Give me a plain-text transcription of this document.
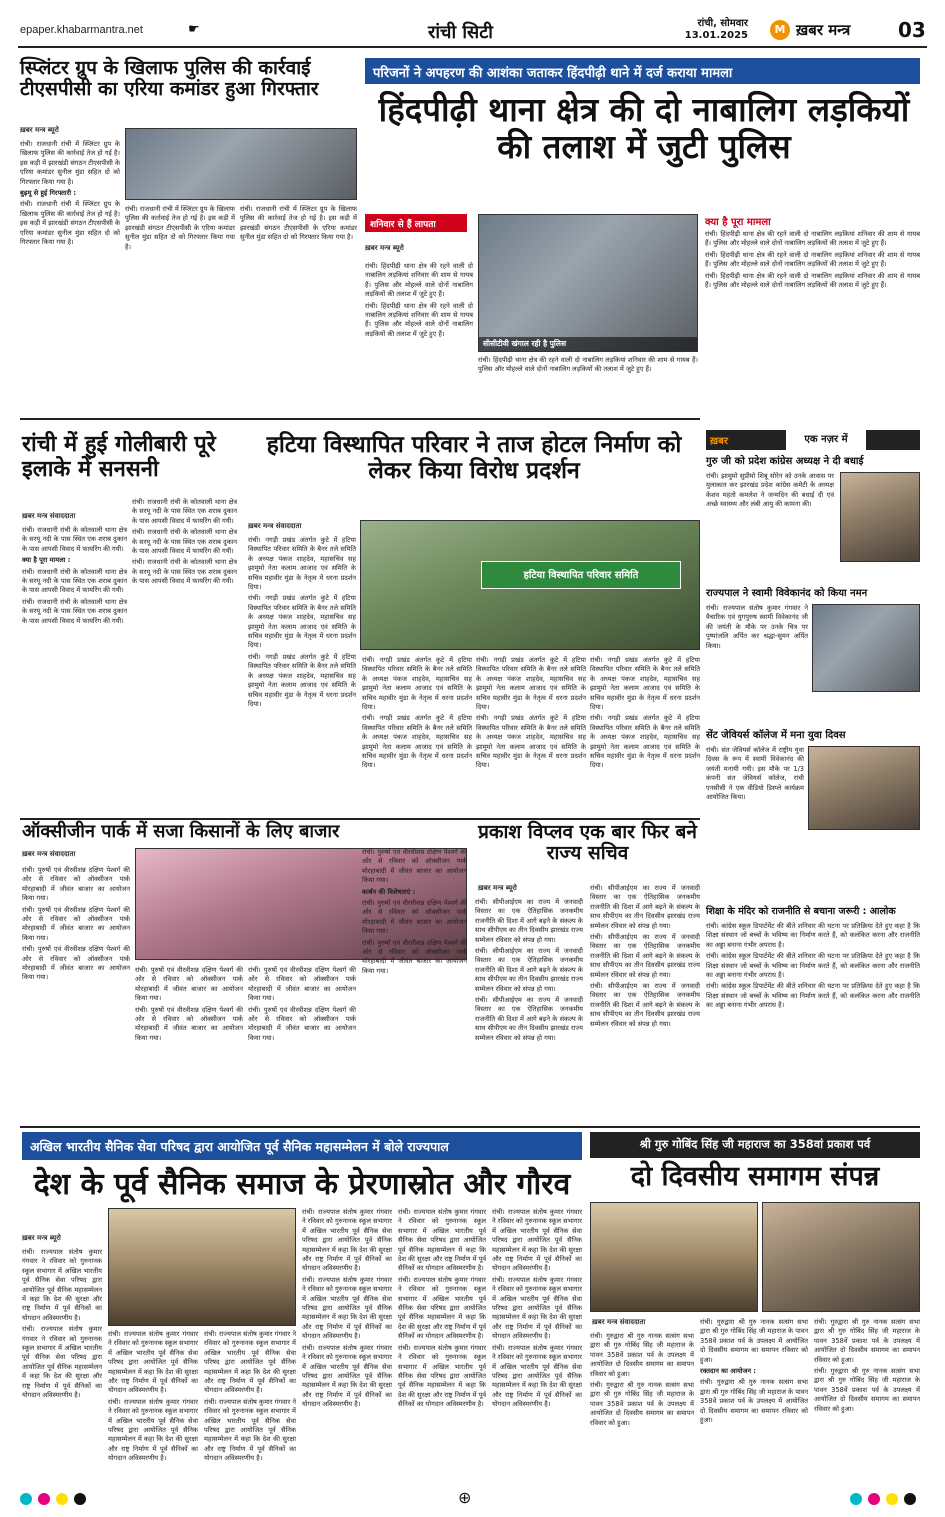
epaper.khabarmantra.net	☛	रांची सिटी	रांची, सोमवार
13.01.2025	M ख़बर मन्त्र 03
स्प्लिंटर ग्रुप के खिलाफ पुलिस की कार्रवाई टीएसपीसी का एरिया कमांडर हुआ गिरफ्तार
ख़बर मन्त्र ब्यूरो

रांची। राजधानी रांची में स्प्लिंटर ग्रुप के खिलाफ पुलिस की कार्रवाई तेज हो गई है। इस कड़ी में झारखंडी संगठन टीएसपीसी के एरिया कमांडर सुनील मुंडा सहित दो को गिरफ्तार किया गया है।

बुढ़मू से हुई गिरफ्तारी :

रांची। राजधानी रांची में स्प्लिंटर ग्रुप के खिलाफ पुलिस की कार्रवाई तेज हो गई है। इस कड़ी में झारखंडी संगठन टीएसपीसी के एरिया कमांडर सुनील मुंडा सहित दो को गिरफ्तार किया गया है।

रांची। राजधानी रांची में स्प्लिंटर ग्रुप के खिलाफ पुलिस की कार्रवाई तेज हो गई है। इस कड़ी में झारखंडी संगठन टीएसपीसी के एरिया कमांडर सुनील मुंडा सहित दो को गिरफ्तार किया गया है।

रांची। राजधानी रांची में स्प्लिंटर ग्रुप के खिलाफ पुलिस की कार्रवाई तेज हो गई है। इस कड़ी में झारखंडी संगठन टीएसपीसी के एरिया कमांडर सुनील मुंडा सहित दो को गिरफ्तार किया गया है।

परिजनों ने अपहरण की आशंका जताकर हिंदपीढ़ी थाने में दर्ज कराया मामला
हिंदपीढ़ी थाना क्षेत्र की दो नाबालिग लड़कियों की तलाश में जुटी पुलिस
शनिवार से हैं लापता
सीसीटीवी खंगाल रही है पुलिस
ख़बर मन्त्र ब्यूरो

रांची। हिंदपीढ़ी थाना क्षेत्र की रहने वाली दो नाबालिग लड़कियां शनिवार की शाम से गायब हैं। पुलिस और मोहल्ले वाले दोनों नाबालिग लड़कियों की तलाश में जुटे हुए हैं।

रांची। हिंदपीढ़ी थाना क्षेत्र की रहने वाली दो नाबालिग लड़कियां शनिवार की शाम से गायब हैं। पुलिस और मोहल्ले वाले दोनों नाबालिग लड़कियों की तलाश में जुटे हुए हैं।

रांची। हिंदपीढ़ी थाना क्षेत्र की रहने वाली दो नाबालिग लड़कियां शनिवार की शाम से गायब हैं। पुलिस और मोहल्ले वाले दोनों नाबालिग लड़कियों की तलाश में जुटे हुए हैं।

क्या है पूरा मामला

रांची। हिंदपीढ़ी थाना क्षेत्र की रहने वाली दो नाबालिग लड़कियां शनिवार की शाम से गायब हैं। पुलिस और मोहल्ले वाले दोनों नाबालिग लड़कियों की तलाश में जुटे हुए हैं।

रांची। हिंदपीढ़ी थाना क्षेत्र की रहने वाली दो नाबालिग लड़कियां शनिवार की शाम से गायब हैं। पुलिस और मोहल्ले वाले दोनों नाबालिग लड़कियों की तलाश में जुटे हुए हैं।

रांची। हिंदपीढ़ी थाना क्षेत्र की रहने वाली दो नाबालिग लड़कियां शनिवार की शाम से गायब हैं। पुलिस और मोहल्ले वाले दोनों नाबालिग लड़कियों की तलाश में जुटे हुए हैं।

रांची में हुई गोलीबारी पूरे इलाके में सनसनी
ख़बर मन्त्र संवाददाता

रांची। राजधानी रांची के कोतवाली थाना क्षेत्र के सरयू नदी के पास स्थित एक शराब दुकान के पास आपसी विवाद में फायरिंग की गयी।

क्या है पूरा मामला :

रांची। राजधानी रांची के कोतवाली थाना क्षेत्र के सरयू नदी के पास स्थित एक शराब दुकान के पास आपसी विवाद में फायरिंग की गयी।

रांची। राजधानी रांची के कोतवाली थाना क्षेत्र के सरयू नदी के पास स्थित एक शराब दुकान के पास आपसी विवाद में फायरिंग की गयी।

रांची। राजधानी रांची के कोतवाली थाना क्षेत्र के सरयू नदी के पास स्थित एक शराब दुकान के पास आपसी विवाद में फायरिंग की गयी।

रांची। राजधानी रांची के कोतवाली थाना क्षेत्र के सरयू नदी के पास स्थित एक शराब दुकान के पास आपसी विवाद में फायरिंग की गयी।

रांची। राजधानी रांची के कोतवाली थाना क्षेत्र के सरयू नदी के पास स्थित एक शराब दुकान के पास आपसी विवाद में फायरिंग की गयी।

हटिया विस्थापित परिवार ने ताज होटल निर्माण को लेकर किया विरोध प्रदर्शन
ख़बर मन्त्र संवाददाता
हटिया विस्थापित परिवार समिति

रांची। नगड़ी प्रखंड अंतर्गत कुटे में हटिया विस्थापित परिवार समिति के बैनर तले समिति के अध्यक्ष पंकज शाहदेव, महासचिव सह झामुमो नेता कलाम आजाद एवं समिति के सचिव महावीर मुंडा के नेतृत्व में धरना प्रदर्शन दिया।

रांची। नगड़ी प्रखंड अंतर्गत कुटे में हटिया विस्थापित परिवार समिति के बैनर तले समिति के अध्यक्ष पंकज शाहदेव, महासचिव सह झामुमो नेता कलाम आजाद एवं समिति के सचिव महावीर मुंडा के नेतृत्व में धरना प्रदर्शन दिया।

रांची। नगड़ी प्रखंड अंतर्गत कुटे में हटिया विस्थापित परिवार समिति के बैनर तले समिति के अध्यक्ष पंकज शाहदेव, महासचिव सह झामुमो नेता कलाम आजाद एवं समिति के सचिव महावीर मुंडा के नेतृत्व में धरना प्रदर्शन दिया।

रांची। नगड़ी प्रखंड अंतर्गत कुटे में हटिया विस्थापित परिवार समिति के बैनर तले समिति के अध्यक्ष पंकज शाहदेव, महासचिव सह झामुमो नेता कलाम आजाद एवं समिति के सचिव महावीर मुंडा के नेतृत्व में धरना प्रदर्शन दिया।

रांची। नगड़ी प्रखंड अंतर्गत कुटे में हटिया विस्थापित परिवार समिति के बैनर तले समिति के अध्यक्ष पंकज शाहदेव, महासचिव सह झामुमो नेता कलाम आजाद एवं समिति के सचिव महावीर मुंडा के नेतृत्व में धरना प्रदर्शन दिया।

रांची। नगड़ी प्रखंड अंतर्गत कुटे में हटिया विस्थापित परिवार समिति के बैनर तले समिति के अध्यक्ष पंकज शाहदेव, महासचिव सह झामुमो नेता कलाम आजाद एवं समिति के सचिव महावीर मुंडा के नेतृत्व में धरना प्रदर्शन दिया।

रांची। नगड़ी प्रखंड अंतर्गत कुटे में हटिया विस्थापित परिवार समिति के बैनर तले समिति के अध्यक्ष पंकज शाहदेव, महासचिव सह झामुमो नेता कलाम आजाद एवं समिति के सचिव महावीर मुंडा के नेतृत्व में धरना प्रदर्शन दिया।

रांची। नगड़ी प्रखंड अंतर्गत कुटे में हटिया विस्थापित परिवार समिति के बैनर तले समिति के अध्यक्ष पंकज शाहदेव, महासचिव सह झामुमो नेता कलाम आजाद एवं समिति के सचिव महावीर मुंडा के नेतृत्व में धरना प्रदर्शन दिया।

रांची। नगड़ी प्रखंड अंतर्गत कुटे में हटिया विस्थापित परिवार समिति के बैनर तले समिति के अध्यक्ष पंकज शाहदेव, महासचिव सह झामुमो नेता कलाम आजाद एवं समिति के सचिव महावीर मुंडा के नेतृत्व में धरना प्रदर्शन दिया।

ख़बर	एक नज़र में
गुरु जी को प्रदेश कांग्रेस अध्यक्ष ने दी बधाई
रांची। झामुमो सुप्रीमो शिबू सोरेन को उनके आवास पर मुलाकात कर झारखंड प्रदेश कांग्रेस कमेटी के अध्यक्ष केशव महतो कमलेश ने जन्मदिन की बधाई दी एवं अच्छे स्वास्थ्य और लंबी आयु की कामना की।
राज्यपाल ने स्वामी विवेकानंद को किया नमन
रांची। राज्यपाल संतोष कुमार गंगवार ने वैचारिक एवं युगपुरुष स्वामी विवेकानंद जी की जयंती के मौके पर उनके चित्र पर पुष्पांजलि अर्पित कर श्रद्धा-सुमन अर्पित किया।
सेंट जेवियर्स कॉलेज में मना युवा दिवस
रांची। संत जेवियर्स कॉलेज में राष्ट्रीय युवा दिवस के रूप में स्वामी विवेकानंद की जयंती मनायी गयी। इस मौके पर 1/3 कंपनी संत जेवियर्स कॉलेज, रांची एनसीसी ने एक वीडियो डिस्प्ले कार्यक्रम आयोजित किया।
शिक्षा के मंदिर को राजनीति से बचाना जरूरी : आलोक

रांची। कांग्रेस स्कूल डिपार्टमेंट की बीते शनिवार की घटना पर प्रतिक्रिया देते हुए कहा है कि शिक्षा संस्थान जो बच्चों के भविष्य का निर्माण करते हैं, को कलंकित करना और राजनीति का अड्डा बनाना गंभीर अपराध है।

रांची। कांग्रेस स्कूल डिपार्टमेंट की बीते शनिवार की घटना पर प्रतिक्रिया देते हुए कहा है कि शिक्षा संस्थान जो बच्चों के भविष्य का निर्माण करते हैं, को कलंकित करना और राजनीति का अड्डा बनाना गंभीर अपराध है।

रांची। कांग्रेस स्कूल डिपार्टमेंट की बीते शनिवार की घटना पर प्रतिक्रिया देते हुए कहा है कि शिक्षा संस्थान जो बच्चों के भविष्य का निर्माण करते हैं, को कलंकित करना और राजनीति का अड्डा बनाना गंभीर अपराध है।

ऑक्सीजीन पार्क में सजा किसानों के लिए बाजार
ख़बर मन्त्र संवाददाता

रांची। पुरुषों एवं वीरवीशन्न दक्षिण पेश्वर्ग की ओर से रविवार को ऑक्सीजन पार्क मोरहाबादी में जीवंत बाजार का आयोजन किया गया।

रांची। पुरुषों एवं वीरवीशन्न दक्षिण पेश्वर्ग की ओर से रविवार को ऑक्सीजन पार्क मोरहाबादी में जीवंत बाजार का आयोजन किया गया।

रांची। पुरुषों एवं वीरवीशन्न दक्षिण पेश्वर्ग की ओर से रविवार को ऑक्सीजन पार्क मोरहाबादी में जीवंत बाजार का आयोजन किया गया।

रांची। पुरुषों एवं वीरवीशन्न दक्षिण पेश्वर्ग की ओर से रविवार को ऑक्सीजन पार्क मोरहाबादी में जीवंत बाजार का आयोजन किया गया।

रांची। पुरुषों एवं वीरवीशन्न दक्षिण पेश्वर्ग की ओर से रविवार को ऑक्सीजन पार्क मोरहाबादी में जीवंत बाजार का आयोजन किया गया।

रांची। पुरुषों एवं वीरवीशन्न दक्षिण पेश्वर्ग की ओर से रविवार को ऑक्सीजन पार्क मोरहाबादी में जीवंत बाजार का आयोजन किया गया।

रांची। पुरुषों एवं वीरवीशन्न दक्षिण पेश्वर्ग की ओर से रविवार को ऑक्सीजन पार्क मोरहाबादी में जीवंत बाजार का आयोजन किया गया।

रांची। पुरुषों एवं वीरवीशन्न दक्षिण पेश्वर्ग की ओर से रविवार को ऑक्सीजन पार्क मोरहाबादी में जीवंत बाजार का आयोजन किया गया।

कार्बन की विशेषताएं :

रांची। पुरुषों एवं वीरवीशन्न दक्षिण पेश्वर्ग की ओर से रविवार को ऑक्सीजन पार्क मोरहाबादी में जीवंत बाजार का आयोजन किया गया।

रांची। पुरुषों एवं वीरवीशन्न दक्षिण पेश्वर्ग की ओर से रविवार को ऑक्सीजन पार्क मोरहाबादी में जीवंत बाजार का आयोजन किया गया।

प्रकाश विप्लव एक बार फिर बने राज्य सचिव
ख़बर मन्त्र ब्यूरो

रांची। सीपीआईएम का राज्य में जनवादी विस्तार का एक ऐतिहासिक जनकमीय राजनीति की दिशा में आगे बढ़ने के संकल्प के साथ सीपीएम का तीन दिवसीय झारखंड राज्य सम्मेलन रविवार को संपन्न हो गया।

रांची। सीपीआईएम का राज्य में जनवादी विस्तार का एक ऐतिहासिक जनकमीय राजनीति की दिशा में आगे बढ़ने के संकल्प के साथ सीपीएम का तीन दिवसीय झारखंड राज्य सम्मेलन रविवार को संपन्न हो गया।

रांची। सीपीआईएम का राज्य में जनवादी विस्तार का एक ऐतिहासिक जनकमीय राजनीति की दिशा में आगे बढ़ने के संकल्प के साथ सीपीएम का तीन दिवसीय झारखंड राज्य सम्मेलन रविवार को संपन्न हो गया।

रांची। सीपीआईएम का राज्य में जनवादी विस्तार का एक ऐतिहासिक जनकमीय राजनीति की दिशा में आगे बढ़ने के संकल्प के साथ सीपीएम का तीन दिवसीय झारखंड राज्य सम्मेलन रविवार को संपन्न हो गया।

रांची। सीपीआईएम का राज्य में जनवादी विस्तार का एक ऐतिहासिक जनकमीय राजनीति की दिशा में आगे बढ़ने के संकल्प के साथ सीपीएम का तीन दिवसीय झारखंड राज्य सम्मेलन रविवार को संपन्न हो गया।

रांची। सीपीआईएम का राज्य में जनवादी विस्तार का एक ऐतिहासिक जनकमीय राजनीति की दिशा में आगे बढ़ने के संकल्प के साथ सीपीएम का तीन दिवसीय झारखंड राज्य सम्मेलन रविवार को संपन्न हो गया।

अखिल भारतीय सैनिक सेवा परिषद द्वारा आयोजित पूर्व सैनिक महासम्मेलन में बोले राज्यपाल
देश के पूर्व सैनिक समाज के प्रेरणास्रोत और गौरव
ख़बर मन्त्र ब्यूरो

रांची। राज्यपाल संतोष कुमार गंगवार ने रविवार को गुरुनानक स्कूल सभागार में अखिल भारतीय पूर्व सैनिक सेवा परिषद द्वारा आयोजित पूर्व सैनिक महासम्मेलन में कहा कि देश की सुरक्षा और राष्ट्र निर्माण में पूर्व सैनिकों का योगदान अविस्मरणीय है।

रांची। राज्यपाल संतोष कुमार गंगवार ने रविवार को गुरुनानक स्कूल सभागार में अखिल भारतीय पूर्व सैनिक सेवा परिषद द्वारा आयोजित पूर्व सैनिक महासम्मेलन में कहा कि देश की सुरक्षा और राष्ट्र निर्माण में पूर्व सैनिकों का योगदान अविस्मरणीय है।

रांची। राज्यपाल संतोष कुमार गंगवार ने रविवार को गुरुनानक स्कूल सभागार में अखिल भारतीय पूर्व सैनिक सेवा परिषद द्वारा आयोजित पूर्व सैनिक महासम्मेलन में कहा कि देश की सुरक्षा और राष्ट्र निर्माण में पूर्व सैनिकों का योगदान अविस्मरणीय है।

रांची। राज्यपाल संतोष कुमार गंगवार ने रविवार को गुरुनानक स्कूल सभागार में अखिल भारतीय पूर्व सैनिक सेवा परिषद द्वारा आयोजित पूर्व सैनिक महासम्मेलन में कहा कि देश की सुरक्षा और राष्ट्र निर्माण में पूर्व सैनिकों का योगदान अविस्मरणीय है।

रांची। राज्यपाल संतोष कुमार गंगवार ने रविवार को गुरुनानक स्कूल सभागार में अखिल भारतीय पूर्व सैनिक सेवा परिषद द्वारा आयोजित पूर्व सैनिक महासम्मेलन में कहा कि देश की सुरक्षा और राष्ट्र निर्माण में पूर्व सैनिकों का योगदान अविस्मरणीय है।

रांची। राज्यपाल संतोष कुमार गंगवार ने रविवार को गुरुनानक स्कूल सभागार में अखिल भारतीय पूर्व सैनिक सेवा परिषद द्वारा आयोजित पूर्व सैनिक महासम्मेलन में कहा कि देश की सुरक्षा और राष्ट्र निर्माण में पूर्व सैनिकों का योगदान अविस्मरणीय है।

रांची। राज्यपाल संतोष कुमार गंगवार ने रविवार को गुरुनानक स्कूल सभागार में अखिल भारतीय पूर्व सैनिक सेवा परिषद द्वारा आयोजित पूर्व सैनिक महासम्मेलन में कहा कि देश की सुरक्षा और राष्ट्र निर्माण में पूर्व सैनिकों का योगदान अविस्मरणीय है।

रांची। राज्यपाल संतोष कुमार गंगवार ने रविवार को गुरुनानक स्कूल सभागार में अखिल भारतीय पूर्व सैनिक सेवा परिषद द्वारा आयोजित पूर्व सैनिक महासम्मेलन में कहा कि देश की सुरक्षा और राष्ट्र निर्माण में पूर्व सैनिकों का योगदान अविस्मरणीय है।

रांची। राज्यपाल संतोष कुमार गंगवार ने रविवार को गुरुनानक स्कूल सभागार में अखिल भारतीय पूर्व सैनिक सेवा परिषद द्वारा आयोजित पूर्व सैनिक महासम्मेलन में कहा कि देश की सुरक्षा और राष्ट्र निर्माण में पूर्व सैनिकों का योगदान अविस्मरणीय है।

रांची। राज्यपाल संतोष कुमार गंगवार ने रविवार को गुरुनानक स्कूल सभागार में अखिल भारतीय पूर्व सैनिक सेवा परिषद द्वारा आयोजित पूर्व सैनिक महासम्मेलन में कहा कि देश की सुरक्षा और राष्ट्र निर्माण में पूर्व सैनिकों का योगदान अविस्मरणीय है।

रांची। राज्यपाल संतोष कुमार गंगवार ने रविवार को गुरुनानक स्कूल सभागार में अखिल भारतीय पूर्व सैनिक सेवा परिषद द्वारा आयोजित पूर्व सैनिक महासम्मेलन में कहा कि देश की सुरक्षा और राष्ट्र निर्माण में पूर्व सैनिकों का योगदान अविस्मरणीय है।

रांची। राज्यपाल संतोष कुमार गंगवार ने रविवार को गुरुनानक स्कूल सभागार में अखिल भारतीय पूर्व सैनिक सेवा परिषद द्वारा आयोजित पूर्व सैनिक महासम्मेलन में कहा कि देश की सुरक्षा और राष्ट्र निर्माण में पूर्व सैनिकों का योगदान अविस्मरणीय है।

रांची। राज्यपाल संतोष कुमार गंगवार ने रविवार को गुरुनानक स्कूल सभागार में अखिल भारतीय पूर्व सैनिक सेवा परिषद द्वारा आयोजित पूर्व सैनिक महासम्मेलन में कहा कि देश की सुरक्षा और राष्ट्र निर्माण में पूर्व सैनिकों का योगदान अविस्मरणीय है।

रांची। राज्यपाल संतोष कुमार गंगवार ने रविवार को गुरुनानक स्कूल सभागार में अखिल भारतीय पूर्व सैनिक सेवा परिषद द्वारा आयोजित पूर्व सैनिक महासम्मेलन में कहा कि देश की सुरक्षा और राष्ट्र निर्माण में पूर्व सैनिकों का योगदान अविस्मरणीय है।

रांची। राज्यपाल संतोष कुमार गंगवार ने रविवार को गुरुनानक स्कूल सभागार में अखिल भारतीय पूर्व सैनिक सेवा परिषद द्वारा आयोजित पूर्व सैनिक महासम्मेलन में कहा कि देश की सुरक्षा और राष्ट्र निर्माण में पूर्व सैनिकों का योगदान अविस्मरणीय है।

श्री गुरु गोबिंद सिंह जी महाराज का 358वां प्रकाश पर्व
दो दिवसीय समागम संपन्न
ख़बर मन्त्र संवाददाता

रांची। गुरुद्वारा श्री गुरु नानक सत्संग सभा द्वारा श्री गुरु गोबिंद सिंह जी महाराज के पावन 358वें प्रकाश पर्व के उपलक्ष्य में आयोजित दो दिवसीय समागम का समापन रविवार को हुआ।

रांची। गुरुद्वारा श्री गुरु नानक सत्संग सभा द्वारा श्री गुरु गोबिंद सिंह जी महाराज के पावन 358वें प्रकाश पर्व के उपलक्ष्य में आयोजित दो दिवसीय समागम का समापन रविवार को हुआ।

रांची। गुरुद्वारा श्री गुरु नानक सत्संग सभा द्वारा श्री गुरु गोबिंद सिंह जी महाराज के पावन 358वें प्रकाश पर्व के उपलक्ष्य में आयोजित दो दिवसीय समागम का समापन रविवार को हुआ।

रक्तदान का आयोजन :

रांची। गुरुद्वारा श्री गुरु नानक सत्संग सभा द्वारा श्री गुरु गोबिंद सिंह जी महाराज के पावन 358वें प्रकाश पर्व के उपलक्ष्य में आयोजित दो दिवसीय समागम का समापन रविवार को हुआ।

रांची। गुरुद्वारा श्री गुरु नानक सत्संग सभा द्वारा श्री गुरु गोबिंद सिंह जी महाराज के पावन 358वें प्रकाश पर्व के उपलक्ष्य में आयोजित दो दिवसीय समागम का समापन रविवार को हुआ।

रांची। गुरुद्वारा श्री गुरु नानक सत्संग सभा द्वारा श्री गुरु गोबिंद सिंह जी महाराज के पावन 358वें प्रकाश पर्व के उपलक्ष्य में आयोजित दो दिवसीय समागम का समापन रविवार को हुआ।

⊕
